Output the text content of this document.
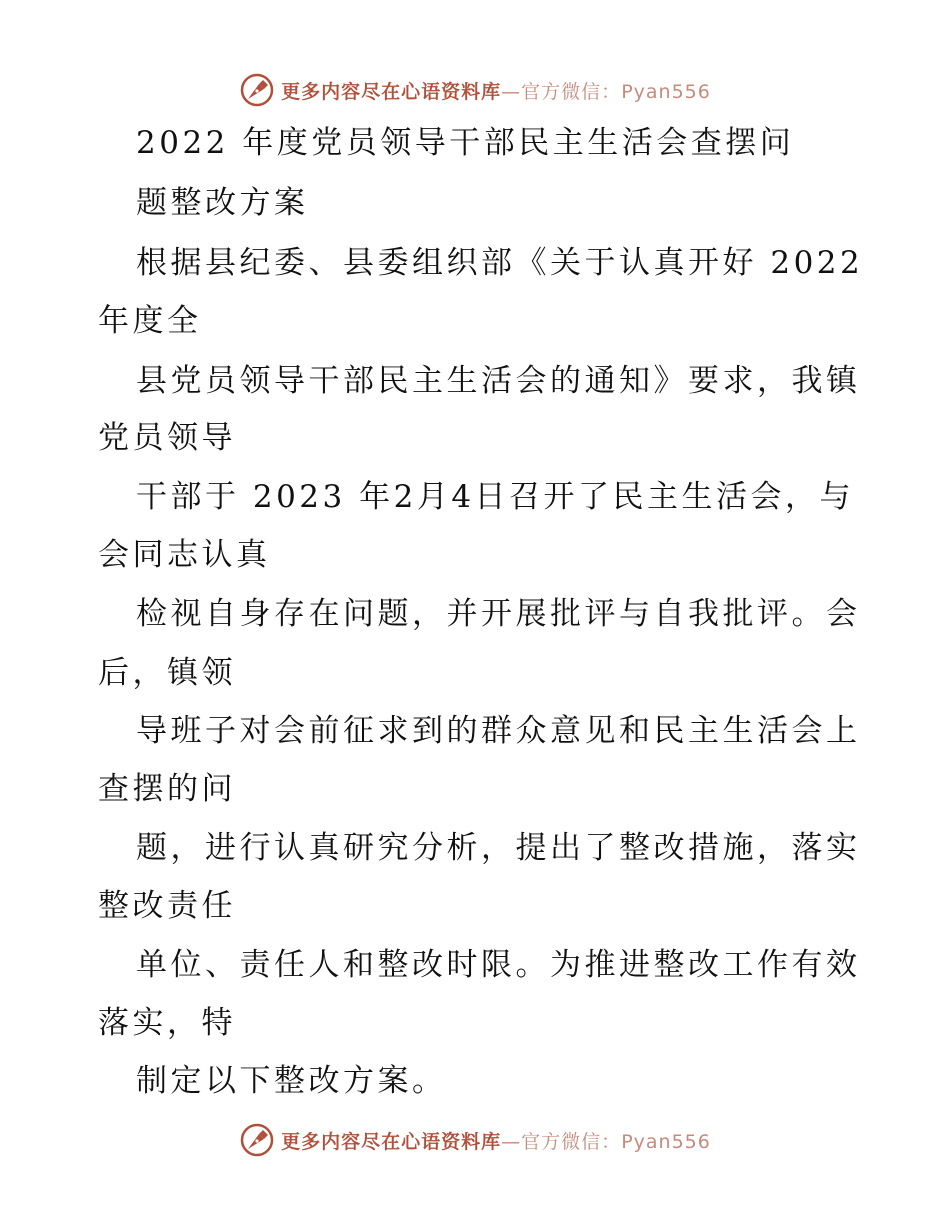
更多内容尽在心语资料库—官方微信：Pyan556
2022 年度党员领导干部民主生活会查摆问
题整改方案
根据县纪委、县委组织部《关于认真开好 2022
年度全
县党员领导干部民主生活会的通知》要求，我镇
党员领导
干部于 2023 年2月4日召开了民主生活会，与
会同志认真
检视自身存在问题，并开展批评与自我批评。会
后，镇领
导班子对会前征求到的群众意见和民主生活会上
查摆的问
题，进行认真研究分析，提出了整改措施，落实
整改责任
单位、责任人和整改时限。为推进整改工作有效
落实，特
制定以下整改方案。
更多内容尽在心语资料库—官方微信：Pyan556
